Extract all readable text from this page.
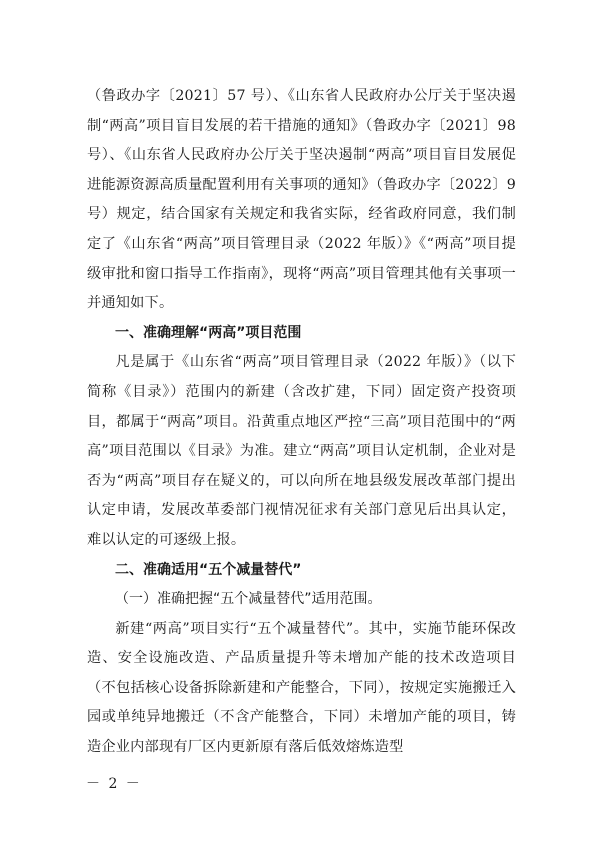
（鲁政办字〔2021〕57 号）、《山东省人民政府办公厅关于坚决遏制“两高”项目盲目发展的若干措施的通知》（鲁政办字〔2021〕98 号）、《山东省人民政府办公厅关于坚决遏制“两高”项目盲目发展促进能源资源高质量配置利用有关事项的通知》（鲁政办字〔2022〕9 号）规定，结合国家有关规定和我省实际，经省政府同意，我们制定了《山东省“两高”项目管理目录（2022 年版）》《“两高”项目提级审批和窗口指导工作指南》，现将“两高”项目管理其他有关事项一并通知如下。

一、准确理解“两高”项目范围

凡是属于《山东省“两高”项目管理目录（2022 年版）》（以下简称《目录》）范围内的新建（含改扩建，下同）固定资产投资项目，都属于“两高”项目。沿黄重点地区严控“三高”项目范围中的“两高”项目范围以《目录》为准。建立“两高”项目认定机制，企业对是否为“两高”项目存在疑义的，可以向所在地县级发展改革部门提出认定申请，发展改革委部门视情况征求有关部门意见后出具认定，难以认定的可逐级上报。

二、准确适用“五个减量替代”

（一）准确把握“五个减量替代”适用范围。

新建“两高”项目实行“五个减量替代”。其中，实施节能环保改造、安全设施改造、产品质量提升等未增加产能的技术改造项目（不包括核心设备拆除新建和产能整合，下同），按规定实施搬迁入园或单纯异地搬迁（不含产能整合，下同）未增加产能的项目，铸造企业内部现有厂区内更新原有落后低效熔炼造型

－ 2 －
